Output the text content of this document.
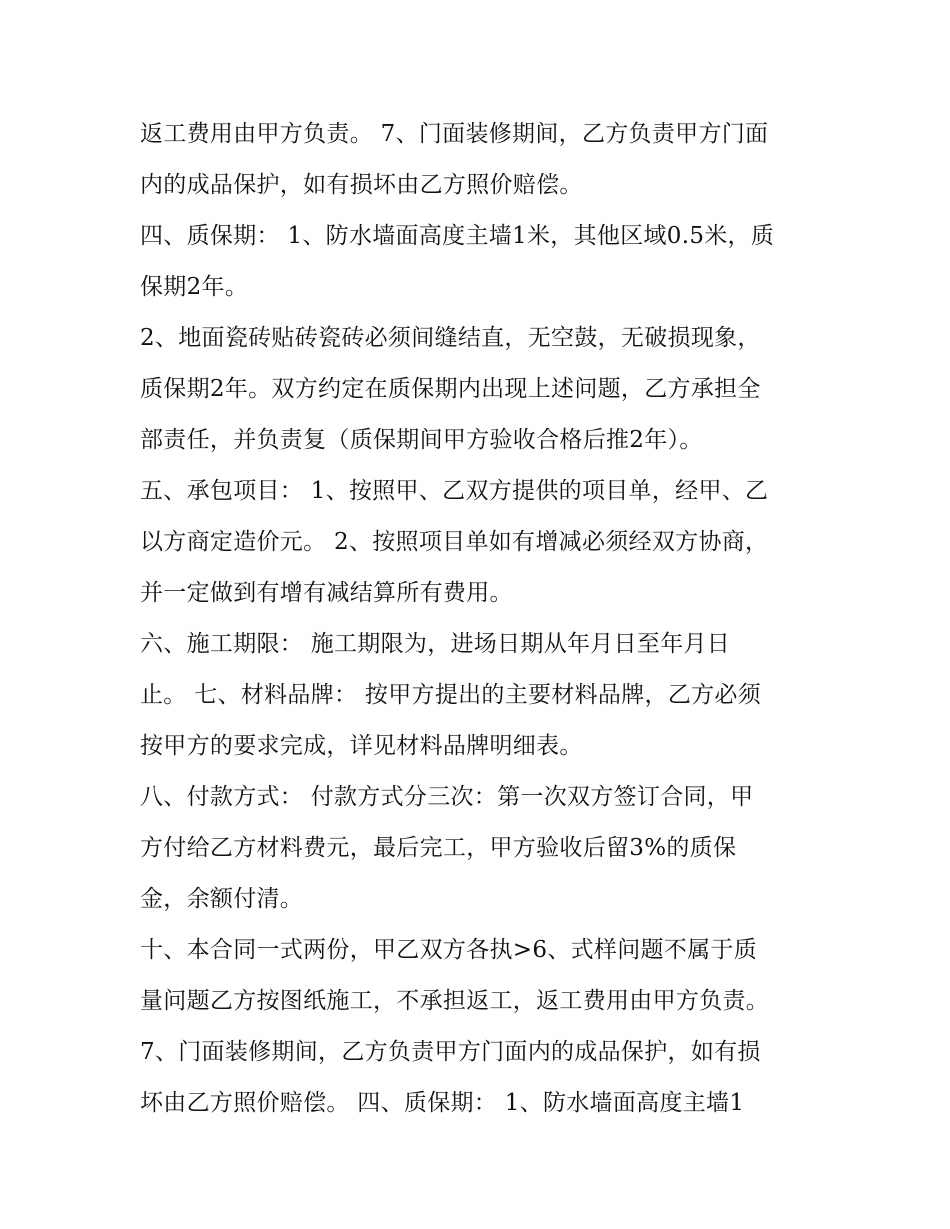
返工费用由甲方负责。 7、门面装修期间，乙方负责甲方门面
内的成品保护，如有损坏由乙方照价赔偿。
四、质保期： 1、防水墙面高度主墙1米，其他区域0.5米，质
保期2年。
2、地面瓷砖贴砖瓷砖必须间缝结直，无空鼓，无破损现象，
质保期2年。双方约定在质保期内出现上述问题，乙方承担全
部责任，并负责复（质保期间甲方验收合格后推2年）。
五、承包项目： 1、按照甲、乙双方提供的项目单，经甲、乙
以方商定造价元。 2、按照项目单如有增减必须经双方协商，
并一定做到有增有减结算所有费用。
六、施工期限： 施工期限为，进场日期从年月日至年月日
止。 七、材料品牌： 按甲方提出的主要材料品牌，乙方必须
按甲方的要求完成，详见材料品牌明细表。
八、付款方式： 付款方式分三次：第一次双方签订合同，甲
方付给乙方材料费元，最后完工，甲方验收后留3%的质保
金，余额付清。
十、本合同一式两份，甲乙双方各执>6、式样问题不属于质
量问题乙方按图纸施工，不承担返工，返工费用由甲方负责。
7、门面装修期间，乙方负责甲方门面内的成品保护，如有损
坏由乙方照价赔偿。 四、质保期： 1、防水墙面高度主墙1
